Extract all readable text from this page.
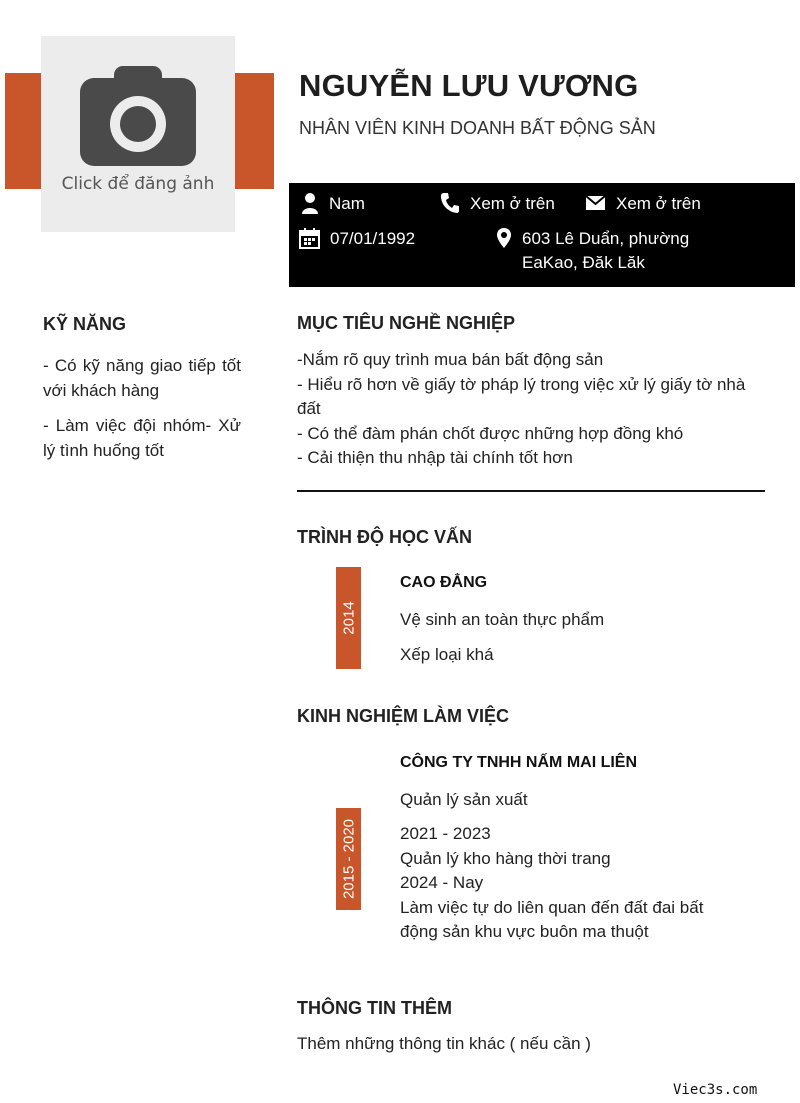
Click để đăng ảnh
NGUYỄN LƯU VƯƠNG
NHÂN VIÊN KINH DOANH BẤT ĐỘNG SẢN
Nam	Xem ở trên	Xem ở trên
07/01/1992	603 Lê Duẩn, phường EaKao, Đăk Lăk
KỸ NĂNG

- Có kỹ năng giao tiếp tốt với khách hàng

- Làm việc đội nhóm- Xử lý tình huống tốt

MỤC TIÊU NGHỀ NGHIỆP
-Nắm rõ quy trình mua bán bất động sản
- Hiểu rõ hơn về giấy tờ pháp lý trong việc xử lý giấy tờ nhà đất
- Có thể đàm phán chốt được những hợp đồng khó
- Cải thiện thu nhập tài chính tốt hơn
TRÌNH ĐỘ HỌC VẤN
2014
CAO ĐẲNG
Vệ sinh an toàn thực phẩm
Xếp loại khá
KINH NGHIỆM LÀM VIỆC
2015 - 2020
CÔNG TY TNHH NẤM MAI LIÊN
Quản lý sản xuất
2021 - 2023
Quản lý kho hàng thời trang
2024 - Nay
Làm việc tự do liên quan đến đất đai bất động sản khu vực buôn ma thuột
THÔNG TIN THÊM
Thêm những thông tin khác ( nếu cần )
Viec3s.com
